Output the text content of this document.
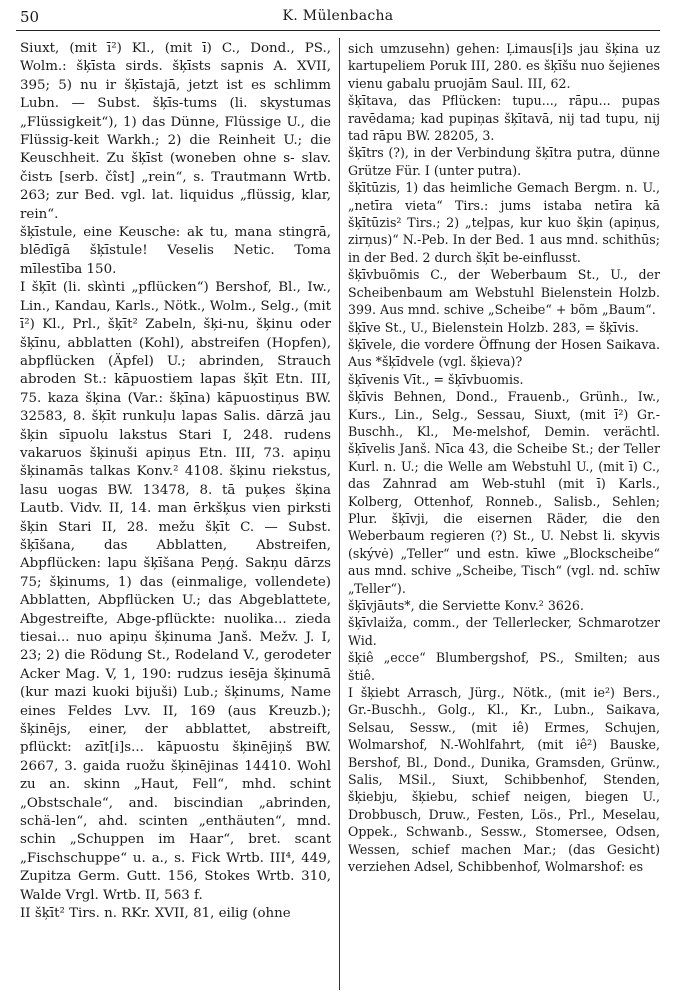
50	K. Mülenbacha

Siuxt, (mit ī²) Kl., (mit ī) C., Dond., PS., Wolm.: šķīsta sirds. šķīsts sapnis A. XVII, 395; 5) nu ir šķīstajā, jetzt ist es schlimm Lubn. — Subst. šķīs-tums (li. skystumas „Flüssigkeit“), 1) das Dünne, Flüssige U., die Flüssig-keit Warkh.; 2) die Reinheit U.; die Keuschheit. Zu šķīst (woneben ohne s- slav. čistъ [serb. čîst] „rein“, s. Trautmann Wrtb. 263; zur Bed. vgl. lat. liquidus „flüssig, klar, rein“.

šķīstule, eine Keusche: ak tu, mana stingrā, blēdīgā šķīstule! Veselis Netic. Toma mīlestība 150.

I šķīt (li. skìnti „pflücken“) Bershof, Bl., Iw., Lin., Kandau, Karls., Nötk., Wolm., Selg., (mit ī²) Kl., Prl., šķīt² Zabeln, šķi-nu, šķinu oder šķīnu, abblatten (Kohl), abstreifen (Hopfen), abpflücken (Äpfel) U.; abrinden, Strauch abroden St.: kāpuostiem lapas šķīt Etn. III, 75. kaza šķina (Var.: šķīna) kāpuostiņus BW. 32583, 8. šķīt runkuļu lapas Salis. dārzā jau šķin sīpuolu lakstus Stari I, 248. rudens vakaruos šķinuši apiņus Etn. III, 73. apiņu šķinamās talkas Konv.² 4108. šķinu riekstus, lasu uogas BW. 13478, 8. tā puķes šķina Lautb. Vidv. II, 14. man ērkšķus vien pirksti šķin Stari II, 28. mežu šķīt C. — Subst. šķīšana, das Abblatten, Abstreifen, Abpflücken: lapu šķīšana Peņģ. Sakņu dārzs 75; šķinums, 1) das (einmalige, vollendete) Abblatten, Abpflücken U.; das Abgeblattete, Abgestreifte, Abge-pflückte: nuolika... zieda tiesai... nuo apiņu šķinuma Janš. Mežv. J. I, 23; 2) die Rödung St., Rodeland V., gerodeter Acker Mag. V, 1, 190: rudzus iesēja šķinumā (kur mazi kuoki bijuši) Lub.; šķinums, Name eines Feldes Lvv. II, 169 (aus Kreuzb.); šķinējs, einer, der abblattet, abstreift, pflückt: azīt[i]s... kāpuostu šķinējiņš BW. 2667, 3. gaida ruožu šķinējinas 14410. Wohl zu an. skinn „Haut, Fell“, mhd. schint „Obstschale“, and. biscindian „abrinden, schä-len“, ahd. scinten „enthäuten“, mnd. schin „Schuppen im Haar“, bret. scant „Fischschuppe“ u. a., s. Fick Wrtb. III⁴, 449, Zupitza Germ. Gutt. 156, Stokes Wrtb. 310, Walde Vrgl. Wrtb. II, 563 f.

II šķīt² Tirs. n. RKr. XVII, 81, eilig (ohne

sich umzusehn) gehen: Ļimaus[i]s jau šķina uz kartupeliem Poruk III, 280. es šķīšu nuo šejienes vienu gabalu pruojām Saul. III, 62.

šķītava, das Pflücken: tupu..., rāpu... pupas ravēdama; kad pupiņas šķītavā, nij tad tupu, nij tad rāpu BW. 28205, 3.

šķītrs (?), in der Verbindung šķītra putra, dünne Grütze Für. I (unter putra).

šķītūzis, 1) das heimliche Gemach Bergm. n. U., „netīra vieta“ Tirs.: jums istaba netīra kā šķītūzis² Tirs.; 2) „teļpas, kur kuo šķin (apiņus, zirņus)“ N.-Peb. In der Bed. 1 aus mnd. schithūs; in der Bed. 2 durch šķīt be-einflusst.

šķīvbuõmis C., der Weberbaum St., U., der Scheibenbaum am Webstuhl Bielenstein Holzb. 399. Aus mnd. schive „Scheibe“ + bõm „Baum“.

šķīve St., U., Bielenstein Holzb. 283, = šķīvis.

šķīvele, die vordere Öffnung der Hosen Saikava. Aus *šķīdvele (vgl. šķieva)?

šķīvenis Vīt., = šķīvbuomis.

šķīvis Behnen, Dond., Frauenb., Grünh., Iw., Kurs., Lin., Selg., Sessau, Siuxt, (mit ī²) Gr.-Buschh., Kl., Me-melshof, Demin. verächtl. šķīvelis Janš. Nīca 43, die Scheibe St.; der Teller Kurl. n. U.; die Welle am Webstuhl U., (mit ī) C., das Zahnrad am Web-stuhl (mit ī) Karls., Kolberg, Ottenhof, Ronneb., Salisb., Sehlen; Plur. šķīvji, die eisernen Räder, die den Weberbaum regieren (?) St., U. Nebst li. skyvis (skývė) „Teller“ und estn. kīwe „Blockscheibe“ aus mnd. schive „Scheibe, Tisch“ (vgl. nd. schīw „Teller“).

šķīvjāuts*, die Serviette Konv.² 3626.

šķīvlaiža, comm., der Tellerlecker, Schmarotzer Wid.

šķiê „ecce“ Blumbergshof, PS., Smilten; aus štiê.

I šķiebt Arrasch, Jürg., Nötk., (mit ie²) Bers., Gr.-Buschh., Golg., Kl., Kr., Lubn., Saikava, Selsau, Sessw., (mit iê) Ermes, Schujen, Wolmarshof, N.-Wohlfahrt, (mit iê²) Bauske, Bershof, Bl., Dond., Dunika, Gramsden, Grünw., Salis, MSil., Siuxt, Schibbenhof, Stenden, šķiebju, šķiebu, schief neigen, biegen U., Drobbusch, Druw., Festen, Lös., Prl., Meselau, Oppek., Schwanb., Sessw., Stomersee, Odsen, Wessen, schief machen Mar.; (das Gesicht) verziehen Adsel, Schibbenhof, Wolmarshof: es
